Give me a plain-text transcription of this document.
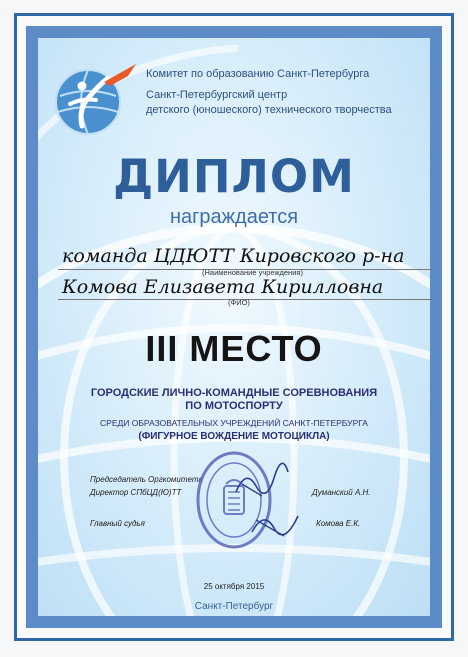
Комитет по образованию Санкт-Петербурга
Санкт-Петербургский центр
детского (юношеского) технического творчества
ДИПЛОМ
награждается
команда ЦДЮТТ Кировского р-на
(Наименование учреждения)
Комова Елизавета Кирилловна
(ФИО)
III МЕСТО
ГОРОДСКИЕ ЛИЧНО-КОМАНДНЫЕ СОРЕВНОВАНИЯ
ПО МОТОСПОРТУ
СРЕДИ ОБРАЗОВАТЕЛЬНЫХ УЧРЕЖДЕНИЙ САНКТ-ПЕТЕРБУРГА
(ФИГУРНОЕ ВОЖДЕНИЕ МОТОЦИКЛА)
Председатель Оргкомитета
Директор СПбЦД(Ю)ТТ	Думанский А.Н.
Главный судья	Комова Е.К.
25 октября 2015
Санкт-Петербург
